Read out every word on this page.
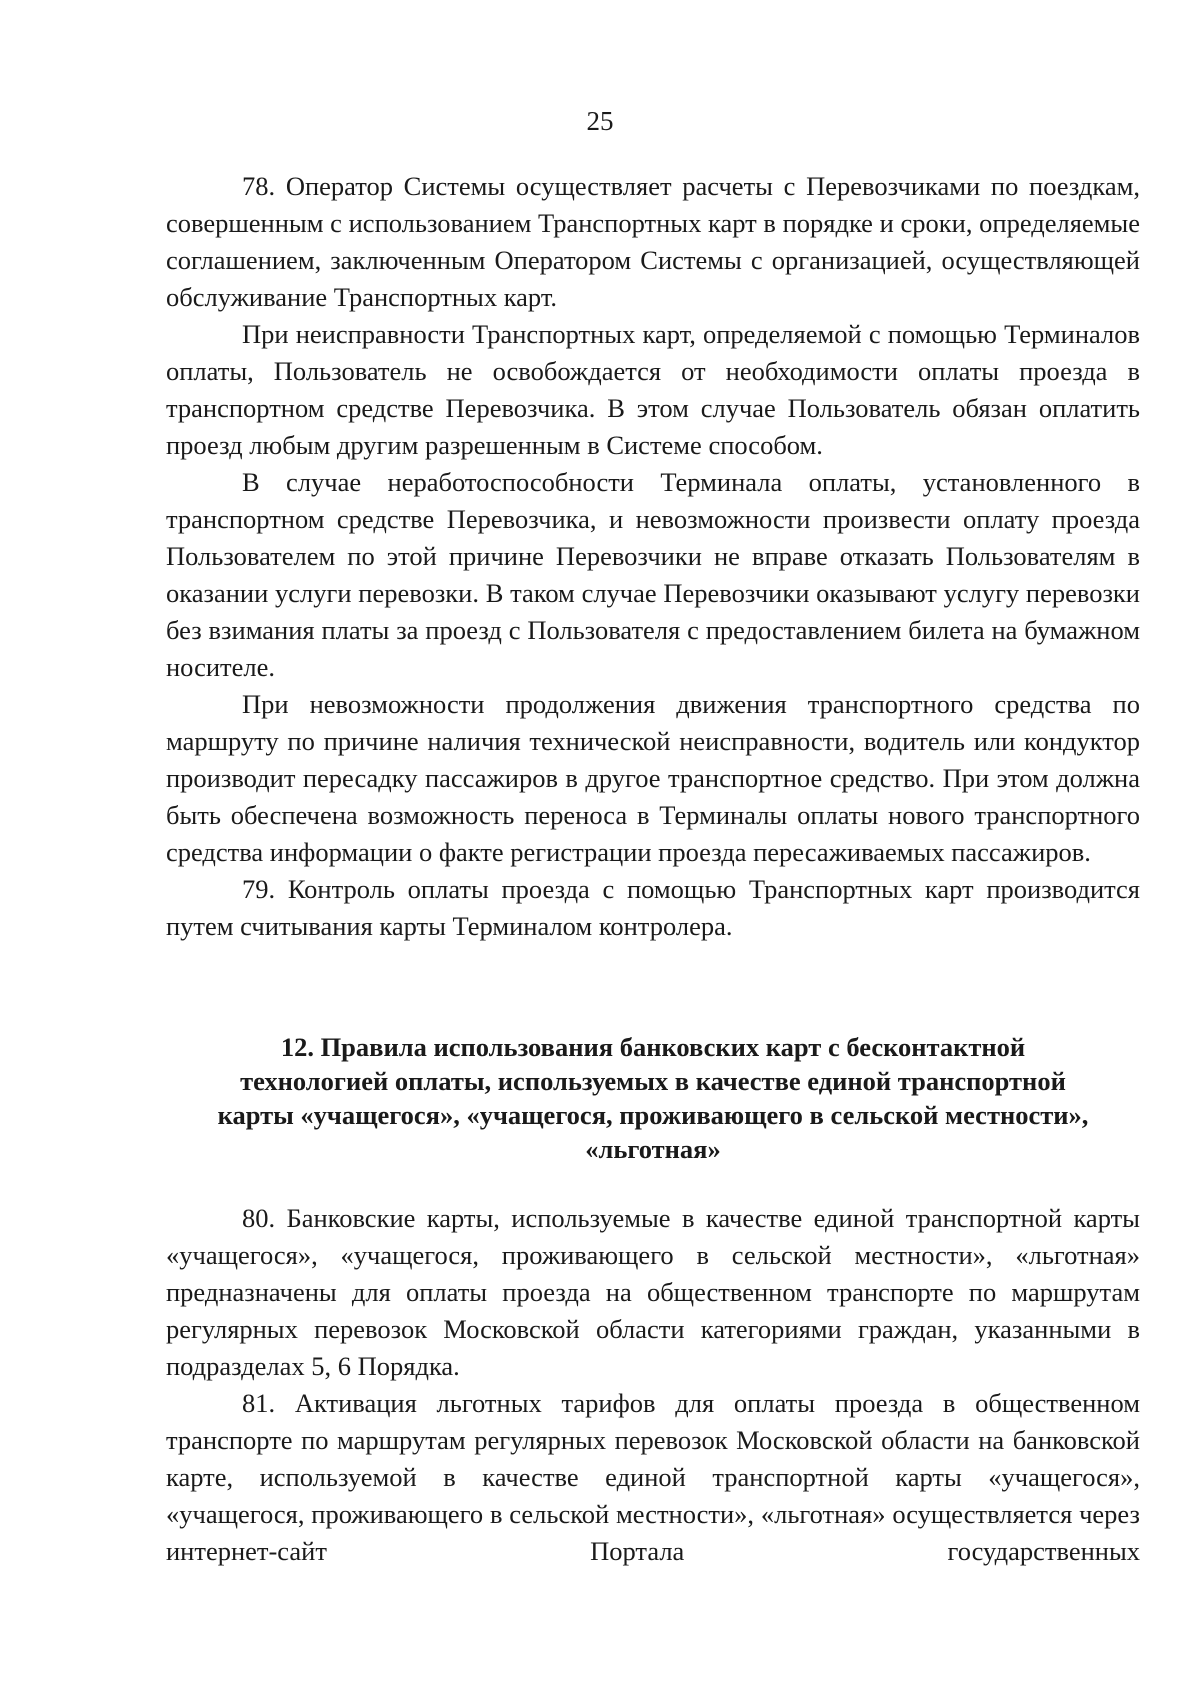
25

78. Оператор Системы осуществляет расчеты с Перевозчиками по поездкам, совершенным с использованием Транспортных карт в порядке и сроки, определяемые соглашением, заключенным Оператором Системы с организацией, осуществляющей обслуживание Транспортных карт.

При неисправности Транспортных карт, определяемой с помощью Терминалов оплаты, Пользователь не освобождается от необходимости оплаты проезда в транспортном средстве Перевозчика. В этом случае Пользователь обязан оплатить проезд любым другим разрешенным в Системе способом.

В случае неработоспособности Терминала оплаты, установленного в транспортном средстве Перевозчика, и невозможности произвести оплату проезда Пользователем по этой причине Перевозчики не вправе отказать Пользователям в оказании услуги перевозки. В таком случае Перевозчики оказывают услугу перевозки без взимания платы за проезд с Пользователя с предоставлением билета на бумажном носителе.

При невозможности продолжения движения транспортного средства по маршруту по причине наличия технической неисправности, водитель или кондуктор производит пересадку пассажиров в другое транспортное средство. При этом должна быть обеспечена возможность переноса в Терминалы оплаты нового транспортного средства информации о факте регистрации проезда пересаживаемых пассажиров.

79. Контроль оплаты проезда с помощью Транспортных карт производится путем считывания карты Терминалом контролера.

12. Правила использования банковских карт с бесконтактной
технологией оплаты, используемых в качестве единой транспортной
карты «учащегося», «учащегося, проживающего в сельской местности»,
«льготная»

80. Банковские карты, используемые в качестве единой транспортной карты «учащегося», «учащегося, проживающего в сельской местности», «льготная» предназначены для оплаты проезда на общественном транспорте по маршрутам регулярных перевозок Московской области категориями граждан, указанными в подразделах 5, 6 Порядка.

81. Активация льготных тарифов для оплаты проезда в общественном транспорте по маршрутам регулярных перевозок Московской области на банковской карте, используемой в качестве единой транспортной карты «учащегося», «учащегося, проживающего в сельской местности», «льготная» осуществляется через интернет-сайт Портала государственных
